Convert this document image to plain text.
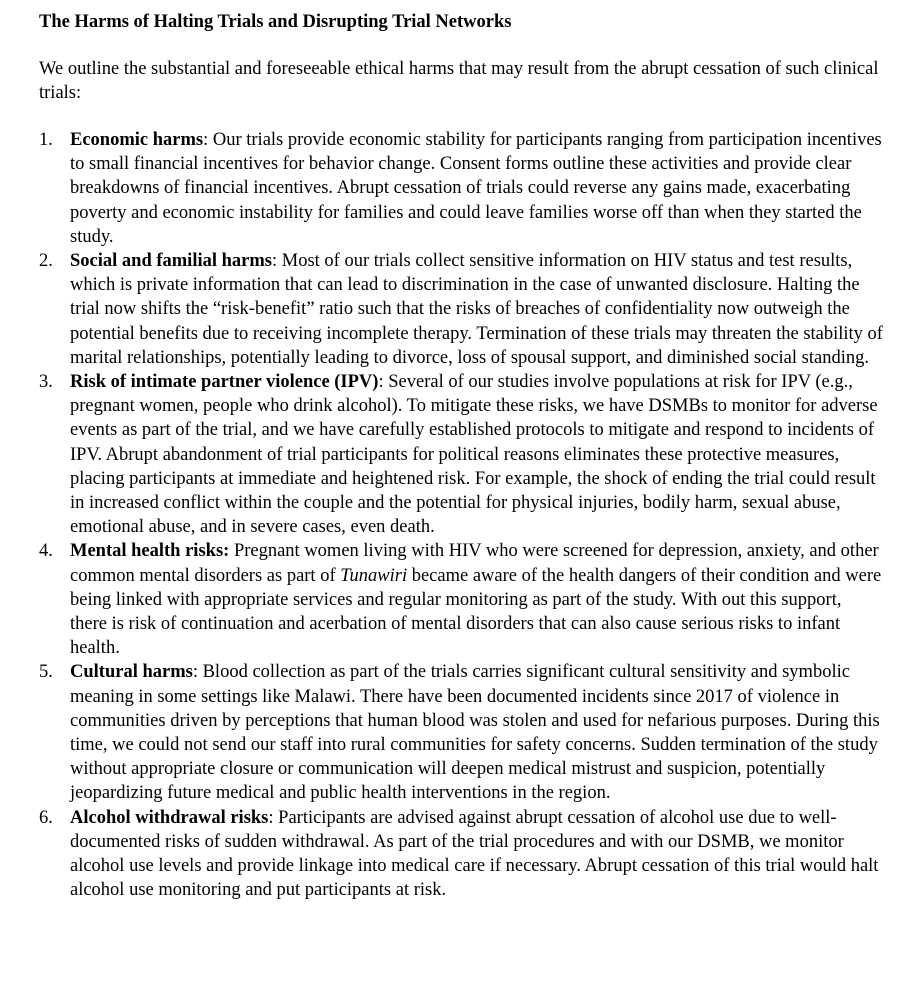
The Harms of Halting Trials and Disrupting Trial Networks

We outline the substantial and foreseeable ethical harms that may result from the abrupt cessation of such clinical trials:

1. Economic harms: Our trials provide economic stability for participants ranging from participation incentives to small financial incentives for behavior change. Consent forms outline these activities and provide clear breakdowns of financial incentives. Abrupt cessation of trials could reverse any gains made, exacerbating poverty and economic instability for families and could leave families worse off than when they started the study.
2. Social and familial harms: Most of our trials collect sensitive information on HIV status and test results, which is private information that can lead to discrimination in the case of unwanted disclosure. Halting the trial now shifts the “risk-benefit” ratio such that the risks of breaches of confidentiality now outweigh the potential benefits due to receiving incomplete therapy. Termination of these trials may threaten the stability of marital relationships, potentially leading to divorce, loss of spousal support, and diminished social standing.
3. Risk of intimate partner violence (IPV): Several of our studies involve populations at risk for IPV (e.g., pregnant women, people who drink alcohol). To mitigate these risks, we have DSMBs to monitor for adverse events as part of the trial, and we have carefully established protocols to mitigate and respond to incidents of IPV. Abrupt abandonment of trial participants for political reasons eliminates these protective measures, placing participants at immediate and heightened risk. For example, the shock of ending the trial could result in increased conflict within the couple and the potential for physical injuries, bodily harm, sexual abuse, emotional abuse, and in severe cases, even death.
4. Mental health risks: Pregnant women living with HIV who were screened for depression, anxiety, and other common mental disorders as part of Tunawiri became aware of the health dangers of their condition and were being linked with appropriate services and regular monitoring as part of the study. With out this support, there is risk of continuation and acerbation of mental disorders that can also cause serious risks to infant health.
5. Cultural harms: Blood collection as part of the trials carries significant cultural sensitivity and symbolic meaning in some settings like Malawi. There have been documented incidents since 2017 of violence in communities driven by perceptions that human blood was stolen and used for nefarious purposes. During this time, we could not send our staff into rural communities for safety concerns. Sudden termination of the study without appropriate closure or communication will deepen medical mistrust and suspicion, potentially jeopardizing future medical and public health interventions in the region.
6. Alcohol withdrawal risks: Participants are advised against abrupt cessation of alcohol use due to well-documented risks of sudden withdrawal. As part of the trial procedures and with our DSMB, we monitor alcohol use levels and provide linkage into medical care if necessary. Abrupt cessation of this trial would halt alcohol use monitoring and put participants at risk.
